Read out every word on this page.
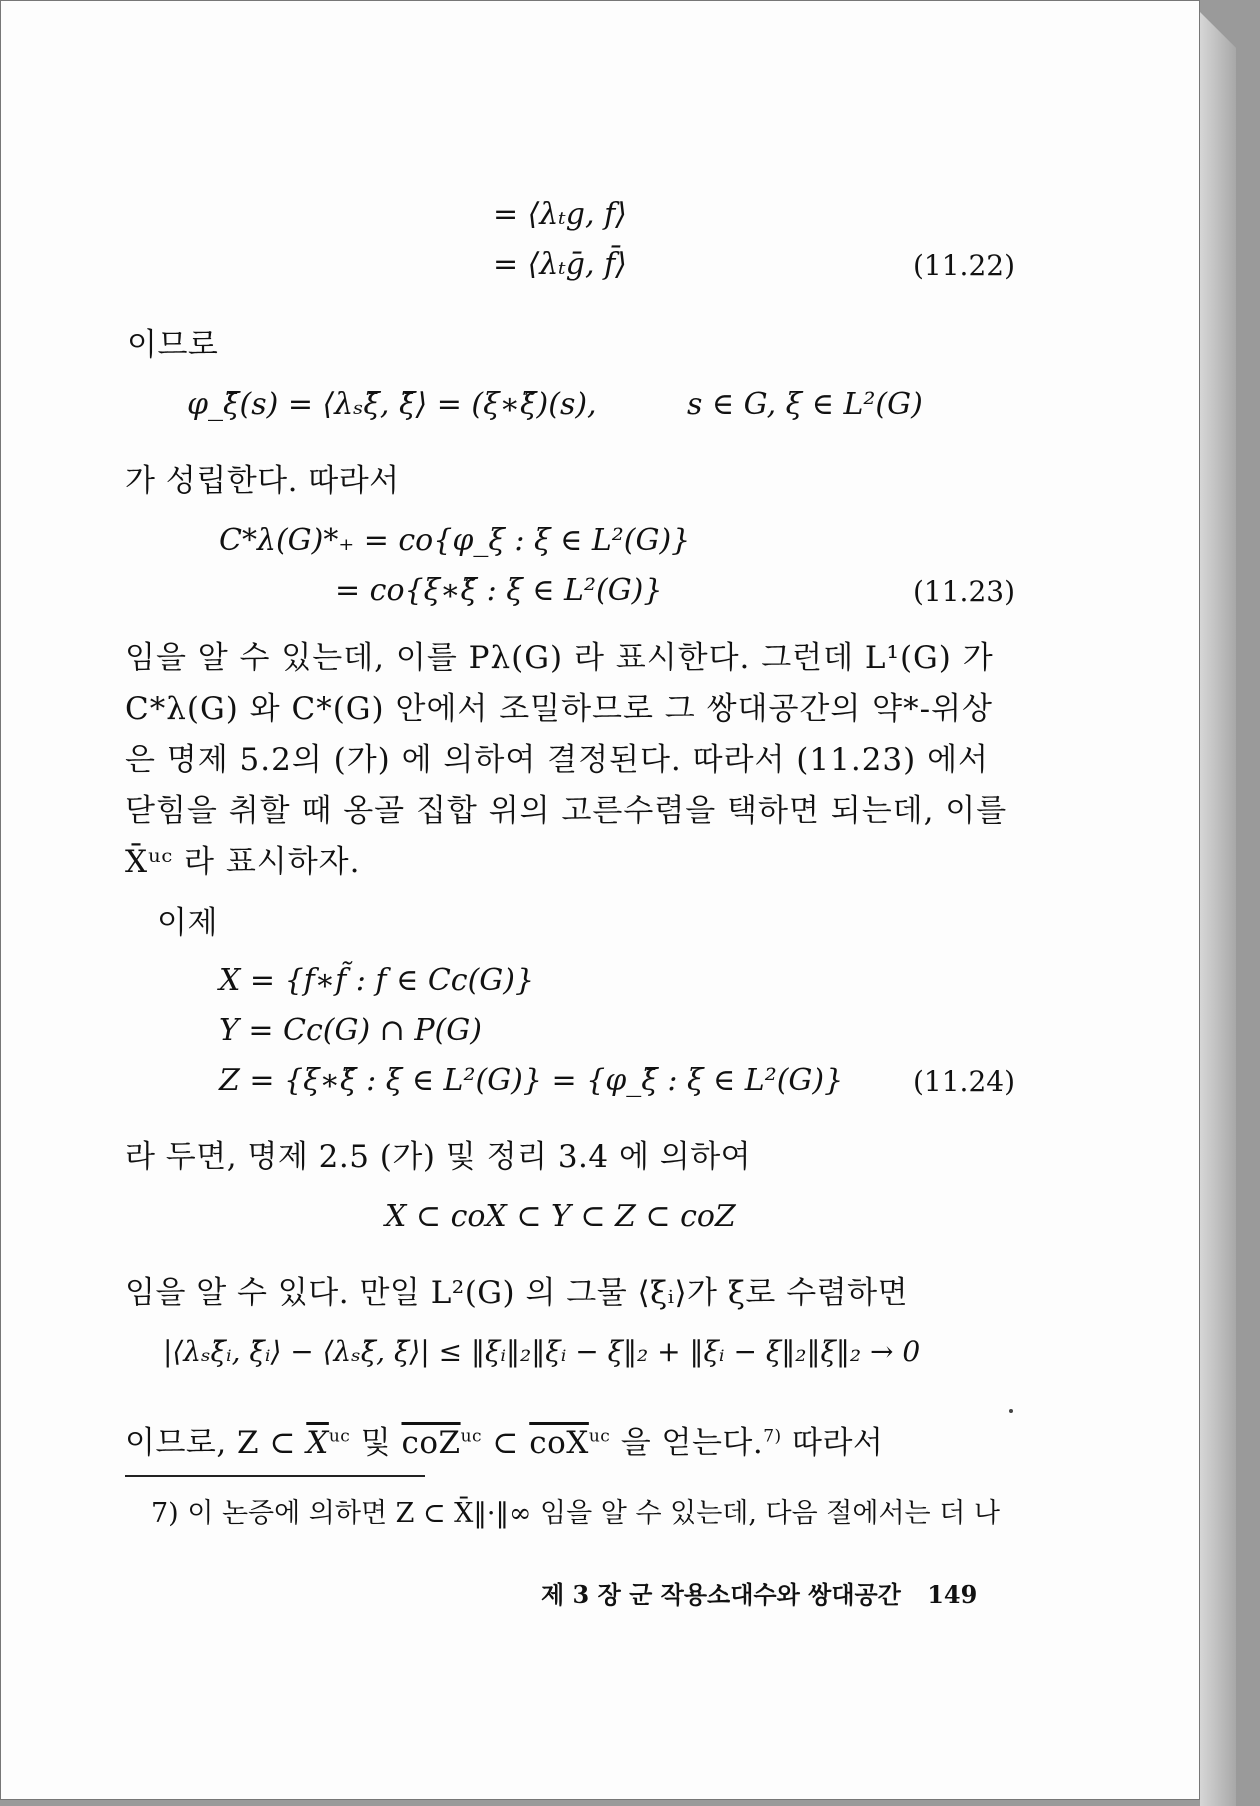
= ⟨λₜg, f⟩
= ⟨λₜḡ, f̄⟩	(11.22)
이므로
φ_ξ̄(s) = ⟨λₛξ̄, ξ̄⟩ = (ξ∗ξ̃)(s),	s ∈ G, ξ ∈ L²(G)
가 성립한다. 따라서
C*λ(G)*₊ = co{φ_ξ : ξ ∈ L²(G)}
= co{ξ∗ξ̃ : ξ ∈ L²(G)}	(11.23)

임을 알 수 있는데, 이를 Pλ(G) 라 표시한다. 그런데 L¹(G) 가

C*λ(G) 와 C*(G) 안에서 조밀하므로 그 쌍대공간의 약*-위상

은 명제 5.2의 (가) 에 의하여 결정된다. 따라서 (11.23) 에서

닫힘을 취할 때 옹골 집합 위의 고른수렴을 택하면 되는데, 이를

X̄ᵘᶜ 라 표시하자.

이제
X = {f∗f̃ : f ∈ Cc(G)}
Y = Cc(G) ∩ P(G)
Z = {ξ∗ξ̃ : ξ ∈ L²(G)} = {φ_ξ̄ : ξ ∈ L²(G)} (11.24)
라 두면, 명제 2.5 (가) 및 정리 3.4 에 의하여
X ⊂ coX ⊂ Y ⊂ Z ⊂ coZ
임을 알 수 있다. 만일 L²(G) 의 그물 ⟨ξᵢ⟩가 ξ로 수렴하면
|⟨λₛξ̄ᵢ, ξ̄ᵢ⟩ − ⟨λₛξ̄, ξ̄⟩| ≤ ‖ξᵢ‖₂‖ξᵢ − ξ‖₂ + ‖ξᵢ − ξ‖₂‖ξ‖₂ → 0
이므로, Z ⊂ $\overline{X}^{uc}$ 및 $\overline{coZ}^{uc}$ ⊂ $\overline{coX}^{uc}$ 을 얻는다.$^{7)}$ 따라서
7) 이 논증에 의하면 Z ⊂ X̄‖·‖∞ 임을 알 수 있는데, 다음 절에서는 더 나
제 3 장 군 작용소대수와 쌍대공간 149
